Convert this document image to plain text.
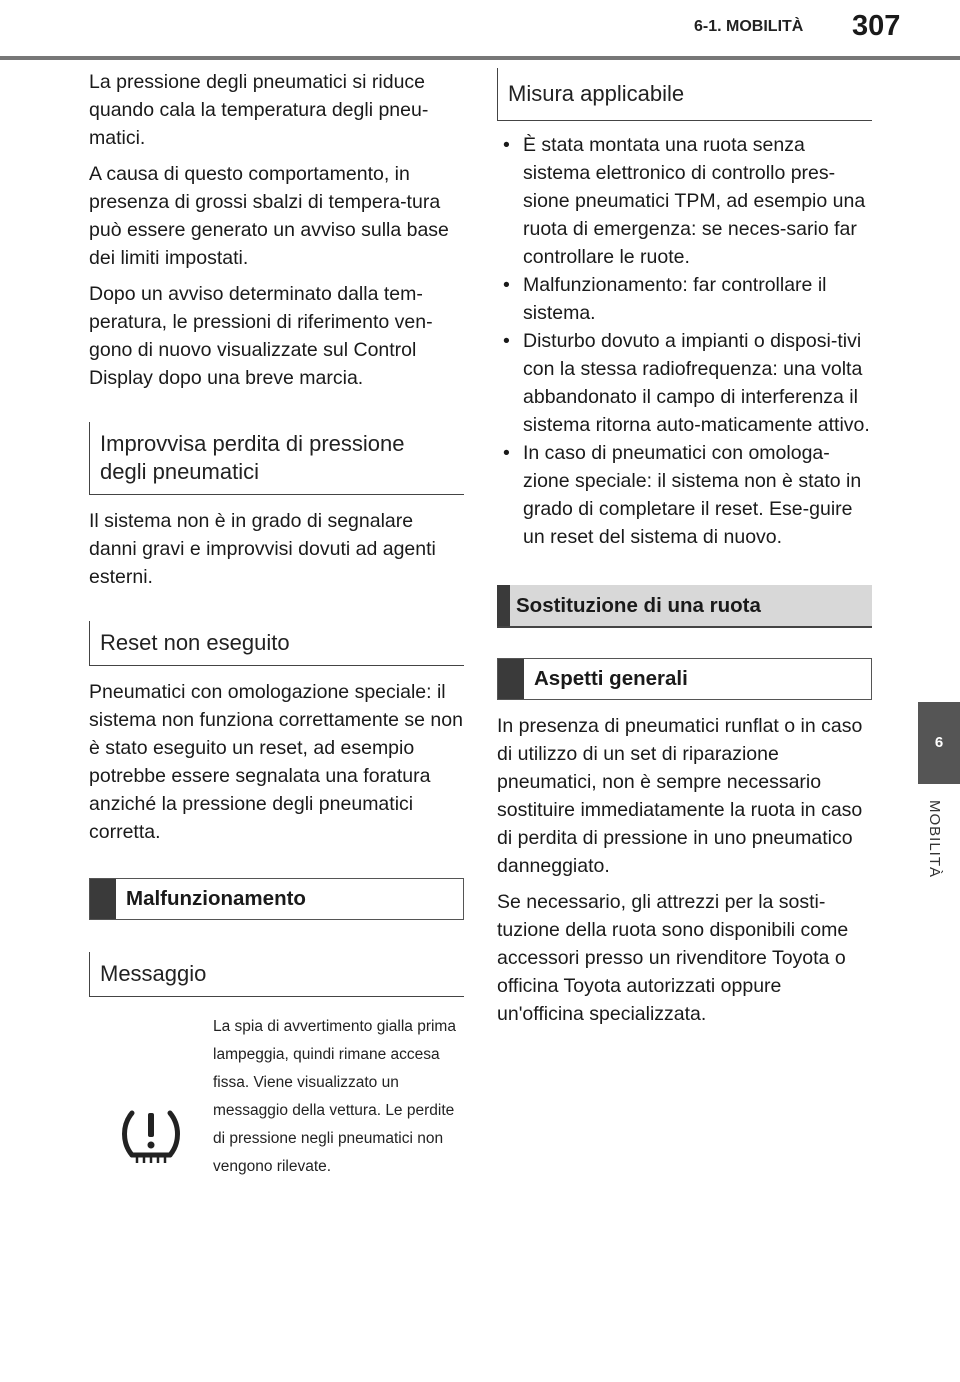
6-1. MOBILITÀ 307
6
MOBILITÀ

La pressione degli pneumatici si riduce quando cala la temperatura degli pneu-matici.

A causa di questo comportamento, in presenza di grossi sbalzi di tempera-tura può essere generato un avviso sulla base dei limiti impostati.

Dopo un avviso determinato dalla tem-peratura, le pressioni di riferimento ven-gono di nuovo visualizzate sul Control Display dopo una breve marcia.

Improvvisa perdita di pressione degli pneumatici

Il sistema non è in grado di segnalare danni gravi e improvvisi dovuti ad agenti esterni.

Reset non eseguito

Pneumatici con omologazione speciale: il sistema non funziona correttamente se non è stato eseguito un reset, ad esempio potrebbe essere segnalata una foratura anziché la pressione degli pneumatici corretta.

Malfunzionamento
Messaggio
La spia di avvertimento gialla prima lampeggia, quindi rimane accesa fissa. Viene visualizzato un messaggio della vettura. Le perdite di pressione negli pneumatici non vengono rilevate.
Misura applicabile
• È stata montata una ruota senza sistema elettronico di controllo pres-sione pneumatici TPM, ad esempio una ruota di emergenza: se neces-sario far controllare le ruote.
• Malfunzionamento: far controllare il sistema.
• Disturbo dovuto a impianti o disposi-tivi con la stessa radiofrequenza: una volta abbandonato il campo di interferenza il sistema ritorna auto-maticamente attivo.
• In caso di pneumatici con omologa-zione speciale: il sistema non è stato in grado di completare il reset. Ese-guire un reset del sistema di nuovo.
Sostituzione di una ruota
Aspetti generali

In presenza di pneumatici runflat o in caso di utilizzo di un set di riparazione pneumatici, non è sempre necessario sostituire immediatamente la ruota in caso di perdita di pressione in uno pneumatico danneggiato.

Se necessario, gli attrezzi per la sosti-tuzione della ruota sono disponibili come accessori presso un rivenditore Toyota o officina Toyota autorizzati oppure un'officina specializzata.
